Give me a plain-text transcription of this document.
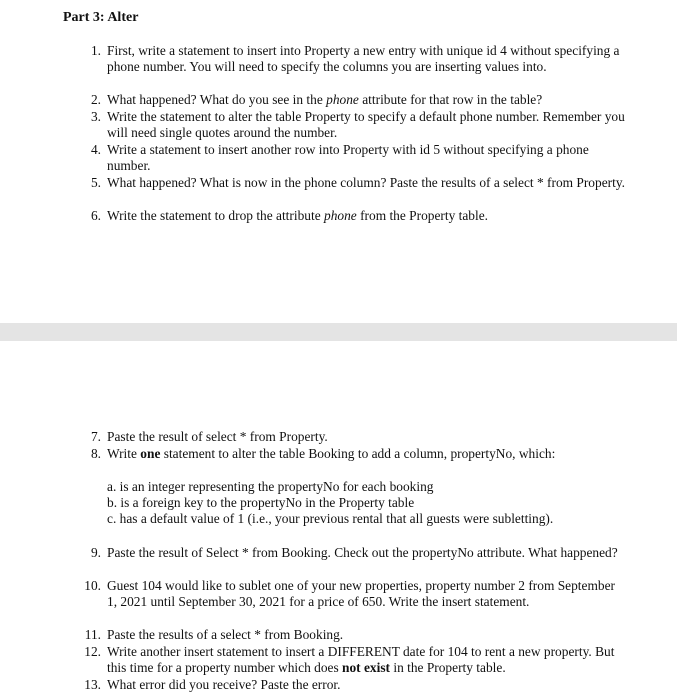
Part 3: Alter
1. First, write a statement to insert into Property a new entry with unique id 4 without specifying a phone number. You will need to specify the columns you are inserting values into.
2. What happened? What do you see in the phone attribute for that row in the table?
3. Write the statement to alter the table Property to specify a default phone number. Remember you will need single quotes around the number.
4. Write a statement to insert another row into Property with id 5 without specifying a phone number.
5. What happened? What is now in the phone column? Paste the results of a select * from Property.
6. Write the statement to drop the attribute phone from the Property table.
7. Paste the result of select * from Property.
8. Write one statement to alter the table Booking to add a column, propertyNo, which:
a. is an integer representing the propertyNo for each booking
b. is a foreign key to the propertyNo in the Property table
c. has a default value of 1 (i.e., your previous rental that all guests were subletting).
9. Paste the result of Select * from Booking. Check out the propertyNo attribute. What happened?
10. Guest 104 would like to sublet one of your new properties, property number 2 from September 1, 2021 until September 30, 2021 for a price of 650. Write the insert statement.
11. Paste the results of a select * from Booking.
12. Write another insert statement to insert a DIFFERENT date for 104 to rent a new property. But this time for a property number which does not exist in the Property table.
13. What error did you receive? Paste the error.
